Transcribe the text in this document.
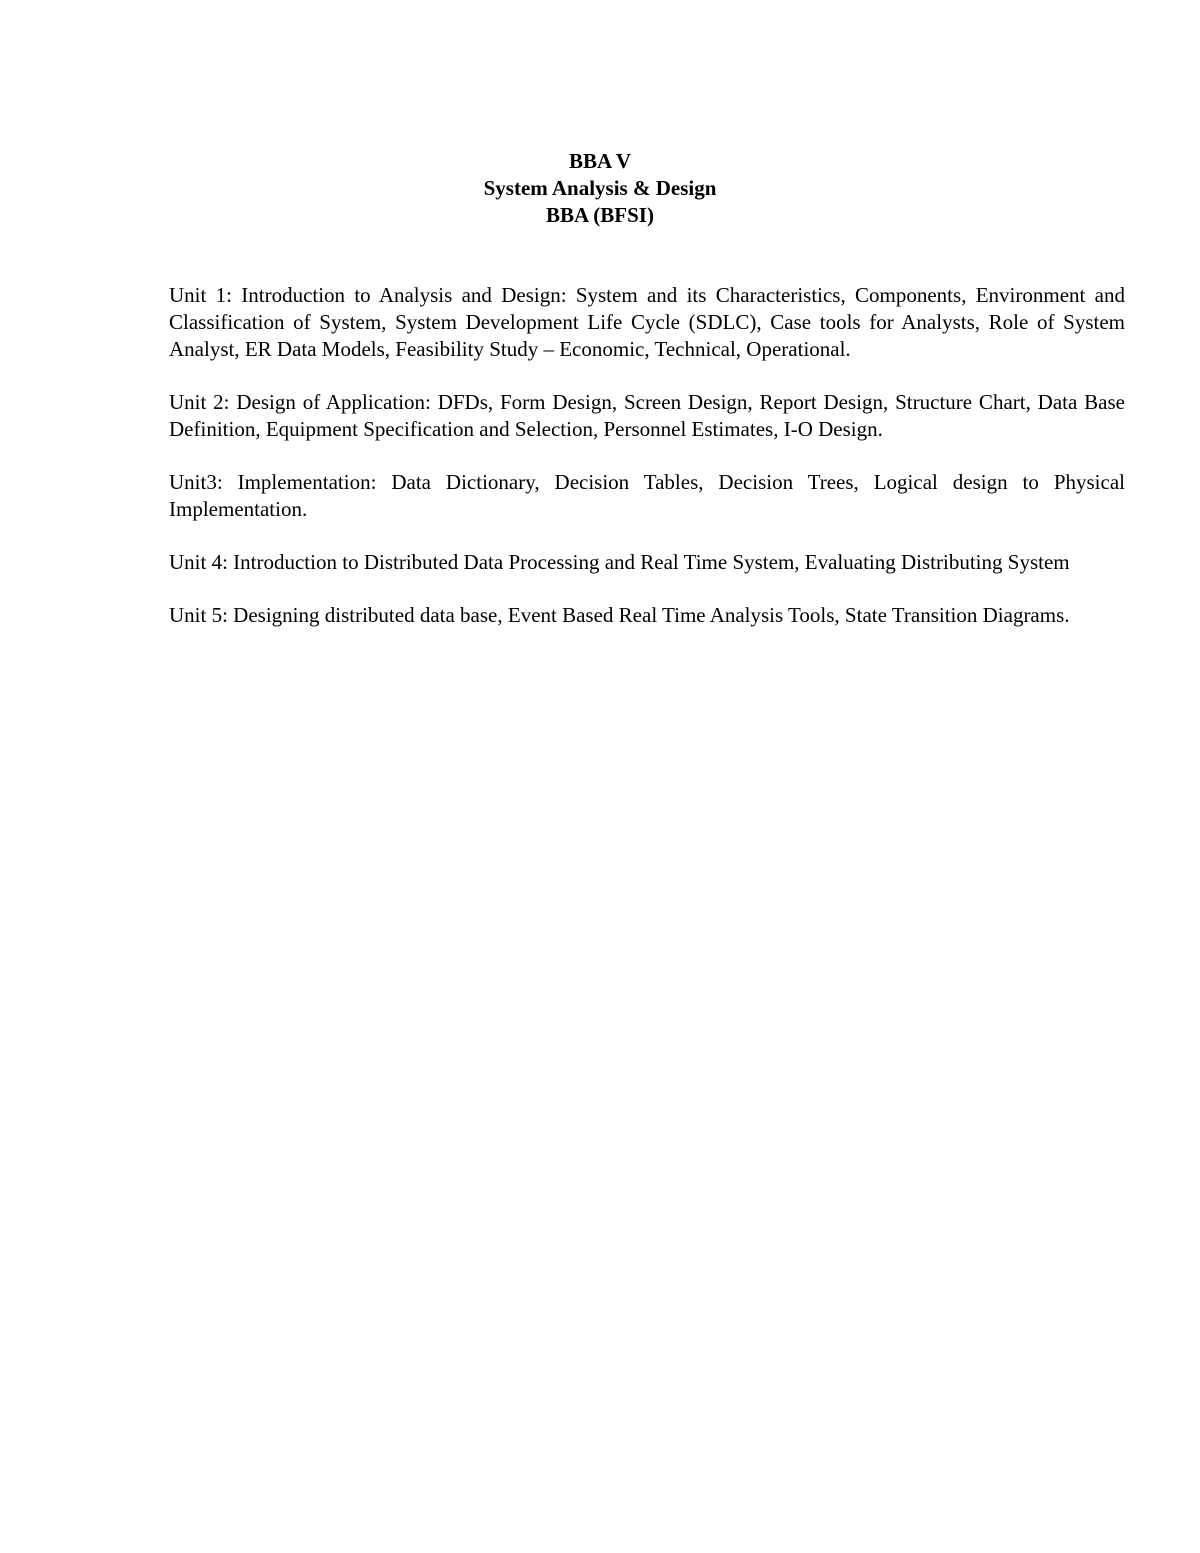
BBA V
System Analysis & Design
BBA (BFSI)

Unit 1: Introduction to Analysis and Design: System and its Characteristics, Components, Environment and Classification of System, System Development Life Cycle (SDLC), Case tools for Analysts, Role of System Analyst, ER Data Models, Feasibility Study – Economic, Technical, Operational.

Unit 2: Design of Application: DFDs, Form Design, Screen Design, Report Design, Structure Chart, Data Base Definition, Equipment Specification and Selection, Personnel Estimates, I-O Design.

Unit3: Implementation: Data Dictionary, Decision Tables, Decision Trees, Logical design to Physical Implementation.

Unit 4: Introduction to Distributed Data Processing and Real Time System, Evaluating Distributing System

Unit 5: Designing distributed data base, Event Based Real Time Analysis Tools, State Transition Diagrams.
